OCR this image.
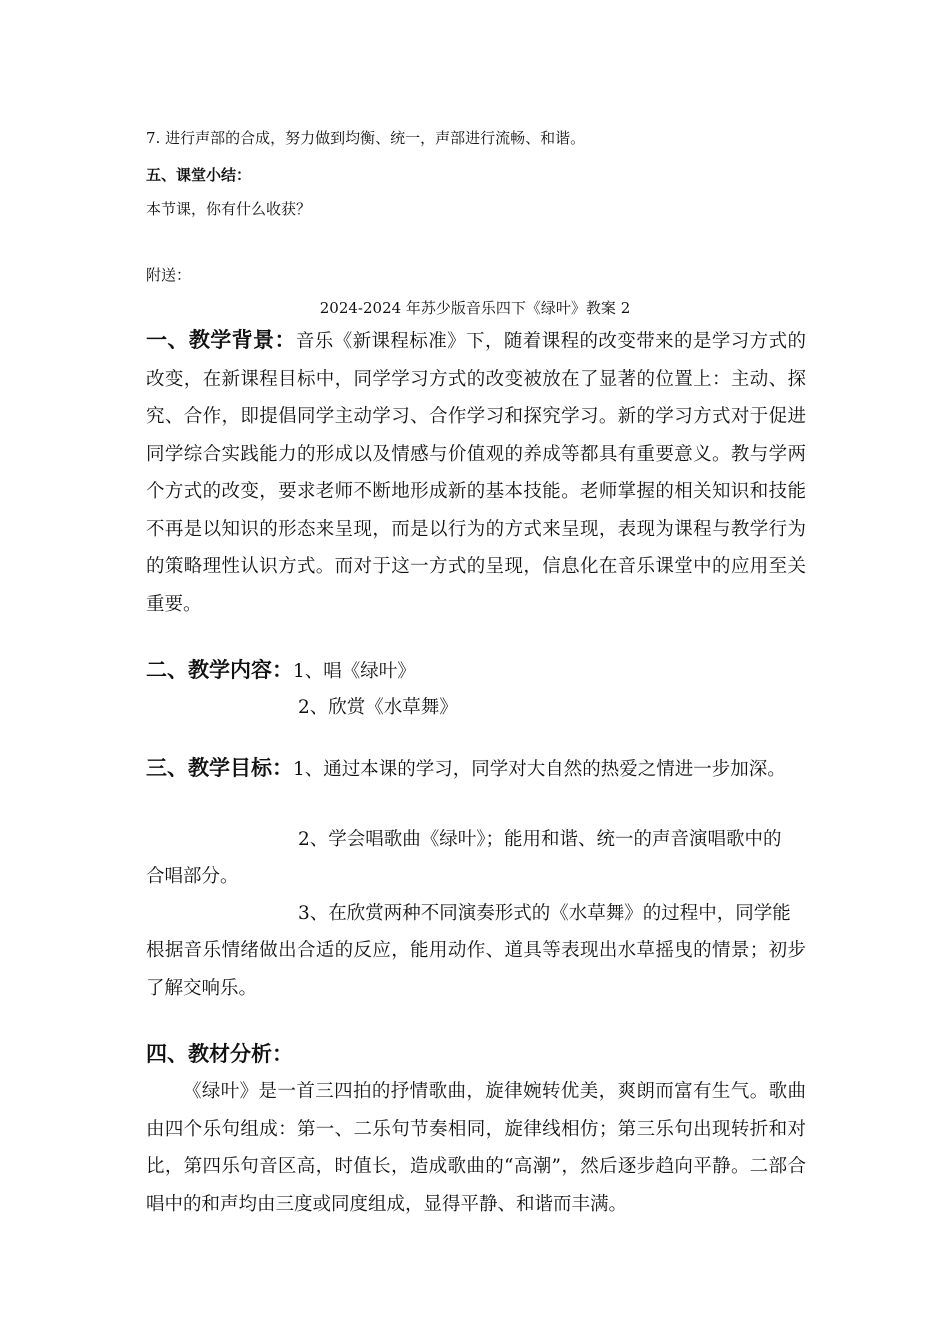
7. 进行声部的合成，努力做到均衡、统一，声部进行流畅、和谐。
五、课堂小结：
本节课，你有什么收获？
附送：
2024-2024 年苏少版音乐四下《绿叶》教案 2
一、教学背景：音乐《新课程标准》下，随着课程的改变带来的是学习方式的改变，在新课程目标中，同学学习方式的改变被放在了显著的位置上：主动、探究、合作，即提倡同学主动学习、合作学习和探究学习。新的学习方式对于促进同学综合实践能力的形成以及情感与价值观的养成等都具有重要意义。教与学两个方式的改变，要求老师不断地形成新的基本技能。老师掌握的相关知识和技能不再是以知识的形态来呈现，而是以行为的方式来呈现，表现为课程与教学行为的策略理性认识方式。而对于这一方式的呈现，信息化在音乐课堂中的应用至关重要。
二、教学内容：1、唱《绿叶》
2、欣赏《水草舞》
三、教学目标：1、通过本课的学习，同学对大自然的热爱之情进一步加深。
2、学会唱歌曲《绿叶》；能用和谐、统一的声音演唱歌中的
合唱部分。
3、在欣赏两种不同演奏形式的《水草舞》的过程中，同学能
根据音乐情绪做出合适的反应，能用动作、道具等表现出水草摇曳的情景；初步了解交响乐。
四、教材分析：
《绿叶》是一首三四拍的抒情歌曲，旋律婉转优美，爽朗而富有生气。歌曲由四个乐句组成：第一、二乐句节奏相同，旋律线相仿；第三乐句出现转折和对比，第四乐句音区高，时值长，造成歌曲的“高潮”，然后逐步趋向平静。二部合唱中的和声均由三度或同度组成，显得平静、和谐而丰满。
